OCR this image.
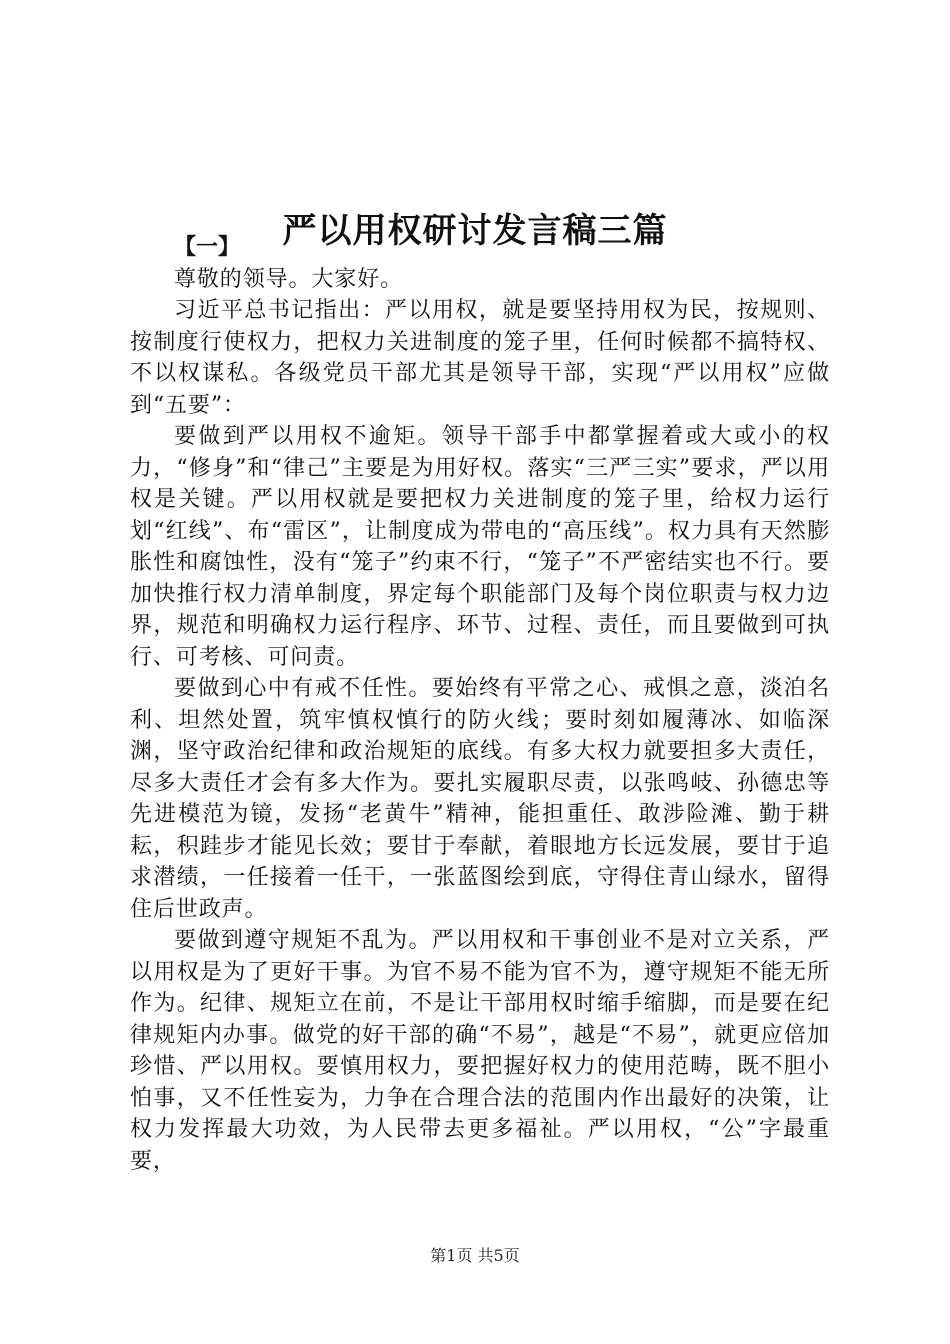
严以用权研讨发言稿三篇

【一】

尊敬的领导。大家好。

习近平总书记指出：严以用权，就是要坚持用权为民，按规则、按制度行使权力，把权力关进制度的笼子里，任何时候都不搞特权、不以权谋私。各级党员干部尤其是领导干部，实现“严以用权”应做到“五要”：

要做到严以用权不逾矩。领导干部手中都掌握着或大或小的权力，“修身”和“律己”主要是为用好权。落实“三严三实”要求，严以用权是关键。严以用权就是要把权力关进制度的笼子里，给权力运行划“红线”、布“雷区”，让制度成为带电的“高压线”。权力具有天然膨胀性和腐蚀性，没有“笼子”约束不行，“笼子”不严密结实也不行。要加快推行权力清单制度，界定每个职能部门及每个岗位职责与权力边界，规范和明确权力运行程序、环节、过程、责任，而且要做到可执行、可考核、可问责。

要做到心中有戒不任性。要始终有平常之心、戒惧之意，淡泊名利、坦然处置，筑牢慎权慎行的防火线；要时刻如履薄冰、如临深渊，坚守政治纪律和政治规矩的底线。有多大权力就要担多大责任，尽多大责任才会有多大作为。要扎实履职尽责，以张鸣岐、孙德忠等先进模范为镜，发扬“老黄牛”精神，能担重任、敢涉险滩、勤于耕耘，积跬步才能见长效；要甘于奉献，着眼地方长远发展，要甘于追求潜绩，一任接着一任干，一张蓝图绘到底，守得住青山绿水，留得住后世政声。

要做到遵守规矩不乱为。严以用权和干事创业不是对立关系，严以用权是为了更好干事。为官不易不能为官不为，遵守规矩不能无所作为。纪律、规矩立在前，不是让干部用权时缩手缩脚，而是要在纪律规矩内办事。做党的好干部的确“不易”，越是“不易”，就更应倍加珍惜、严以用权。要慎用权力，要把握好权力的使用范畴，既不胆小怕事，又不任性妄为，力争在合理合法的范围内作出最好的决策，让权力发挥最大功效，为人民带去更多福祉。严以用权，“公”字最重要，

第1页 共5页
